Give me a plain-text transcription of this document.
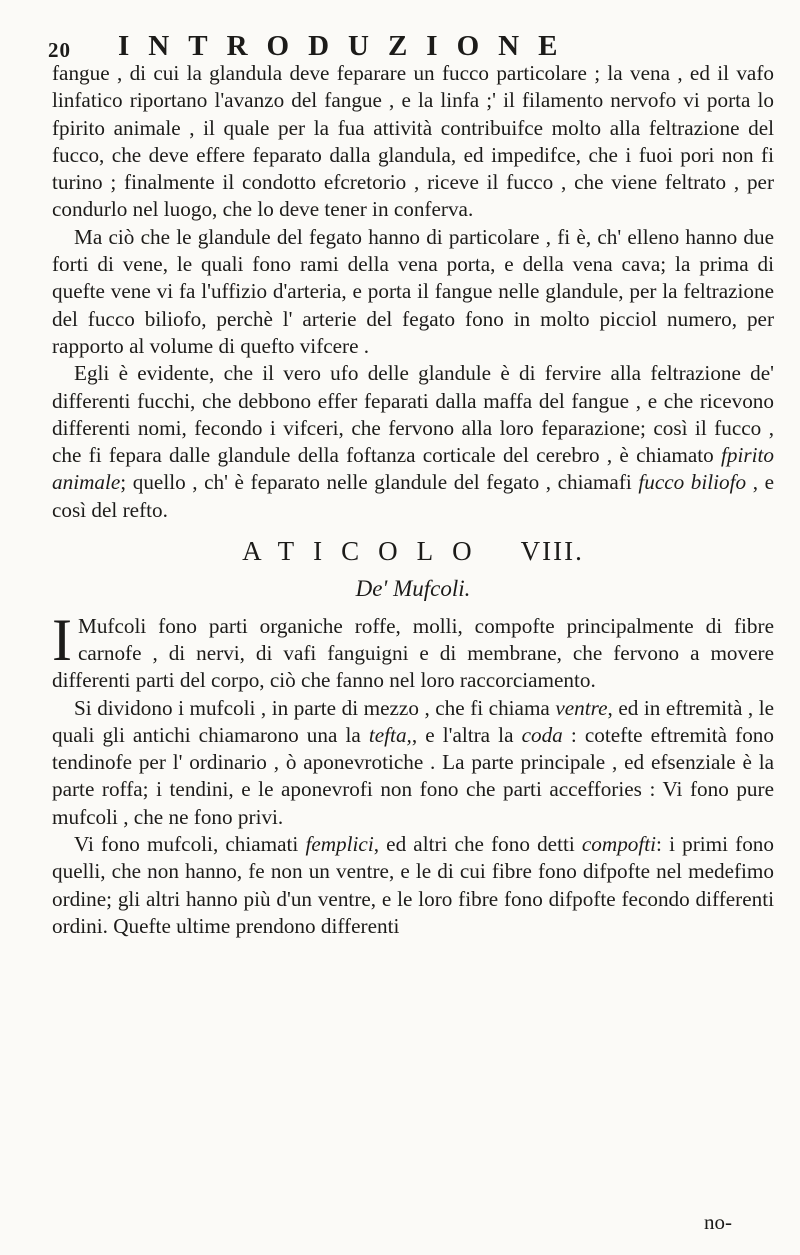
20 INTRODUZIONE

fangue , di cui la glandula deve feparare un fucco particolare ; la vena , ed il vafo linfatico riportano l'avanzo del fangue , e la linfa ;' il filamento nervofo vi porta lo fpirito animale , il quale per la fua attività contribuifce molto alla feltrazione del fucco, che deve effere feparato dalla glandula, ed impedifce, che i fuoi pori non fi turino ; finalmente il condotto efcretorio , riceve il fucco , che viene feltrato , per condurlo nel luogo, che lo deve tener in conferva.

Ma ciò che le glandule del fegato hanno di particolare , fi è, ch' elleno hanno due forti di vene, le quali fono rami della vena porta, e della vena cava; la prima di quefte vene vi fa l'uffizio d'arteria, e porta il fangue nelle glandule, per la feltrazione del fucco biliofo, perchè l' arterie del fegato fono in molto picciol numero, per rapporto al volume di quefto vifcere .

Egli è evidente, che il vero ufo delle glandule è di fervire alla feltrazione de' differenti fucchi, che debbono effer feparati dalla maffa del fangue , e che ricevono differenti nomi, fecondo i vifceri, che fervono alla loro feparazione; così il fucco , che fi fepara dalle glandule della foftanza corticale del cerebro , è chiamato fpirito animale; quello , ch' è feparato nelle glandule del fegato , chiamafi fucco biliofo , e così del refto.

ATICOLO VIII.
De' Mufcoli.

I Mufcoli fono parti organiche roffe, molli, compofte principalmente di fibre carnofe , di nervi, di vafi fanguigni e di membrane, che fervono a movere differenti parti del corpo, ciò che fanno nel loro raccorciamento.

Si dividono i mufcoli , in parte di mezzo , che fi chiama ventre, ed in eftremità , le quali gli antichi chiamarono una la tefta,, e l'altra la coda : cotefte eftremità fono tendinofe per l' ordinario , ò aponevrotiche . La parte principale , ed efsenziale è la parte roffa; i tendini, e le aponevrofi non fono che parti acceffories : Vi fono pure mufcoli , che ne fono privi.

Vi fono mufcoli, chiamati femplici, ed altri che fono detti compofti: i primi fono quelli, che non hanno, fe non un ventre, e le di cui fibre fono difpofte nel medefimo ordine; gli altri hanno più d'un ventre, e le loro fibre fono difpofte fecondo differenti ordini. Quefte ultime prendono differenti

no-
